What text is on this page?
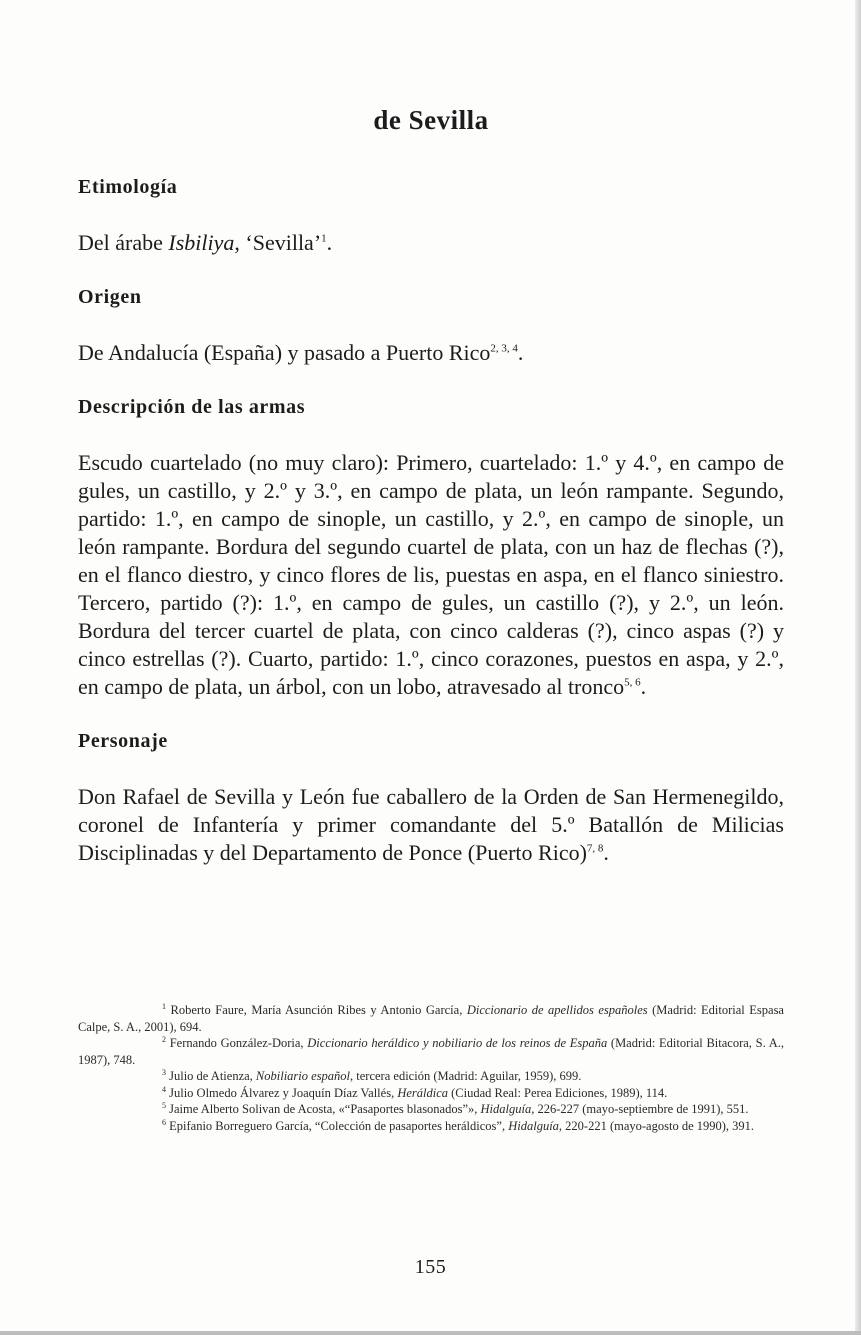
de Sevilla
Etimología

Del árabe Isbiliya, ‘Sevilla’$^1$.

Origen

De Andalucía (España) y pasado a Puerto Rico$^{2, 3, 4}$.

Descripción de las armas

Escudo cuartelado (no muy claro): Primero, cuartelado: 1.º y 4.º, en campo de gules, un castillo, y 2.º y 3.º, en campo de plata, un león rampante. Segundo, partido: 1.º, en campo de sinople, un castillo, y 2.º, en campo de sinople, un león rampante. Bordura del segundo cuartel de plata, con un haz de flechas (?), en el flanco diestro, y cinco flores de lis, puestas en aspa, en el flanco siniestro. Tercero, partido (?): 1.º, en campo de gules, un castillo (?), y 2.º, un león. Bordura del tercer cuartel de plata, con cinco calderas (?), cinco aspas (?) y cinco estrellas (?). Cuarto, partido: 1.º, cinco corazones, puestos en aspa, y 2.º, en campo de plata, un árbol, con un lobo, atravesado al tronco$^{5, 6}$.

Personaje

Don Rafael de Sevilla y León fue caballero de la Orden de San Hermenegildo, coronel de Infantería y primer comandante del 5.º Batallón de Milicias Disciplinadas y del Departamento de Ponce (Puerto Rico)$^{7, 8}$.

$^1$ Roberto Faure, María Asunción Ribes y Antonio García, Diccionario de apellidos españoles (Madrid: Editorial Espasa Calpe, S. A., 2001), 694.

$^2$ Fernando González-Doria, Diccionario heráldico y nobiliario de los reinos de España (Madrid: Editorial Bitacora, S. A., 1987), 748.

$^3$ Julio de Atienza, Nobiliario español, tercera edición (Madrid: Aguilar, 1959), 699.

$^4$ Julio Olmedo Álvarez y Joaquín Díaz Vallés, Heráldica (Ciudad Real: Perea Ediciones, 1989), 114.

$^5$ Jaime Alberto Solivan de Acosta, «“Pasaportes blasonados”», Hidalguía, 226-227 (mayo-septiembre de 1991), 551.

$^6$ Epifanio Borreguero García, “Colección de pasaportes heráldicos”, Hidalguía, 220-221 (mayo-agosto de 1990), 391.

155
